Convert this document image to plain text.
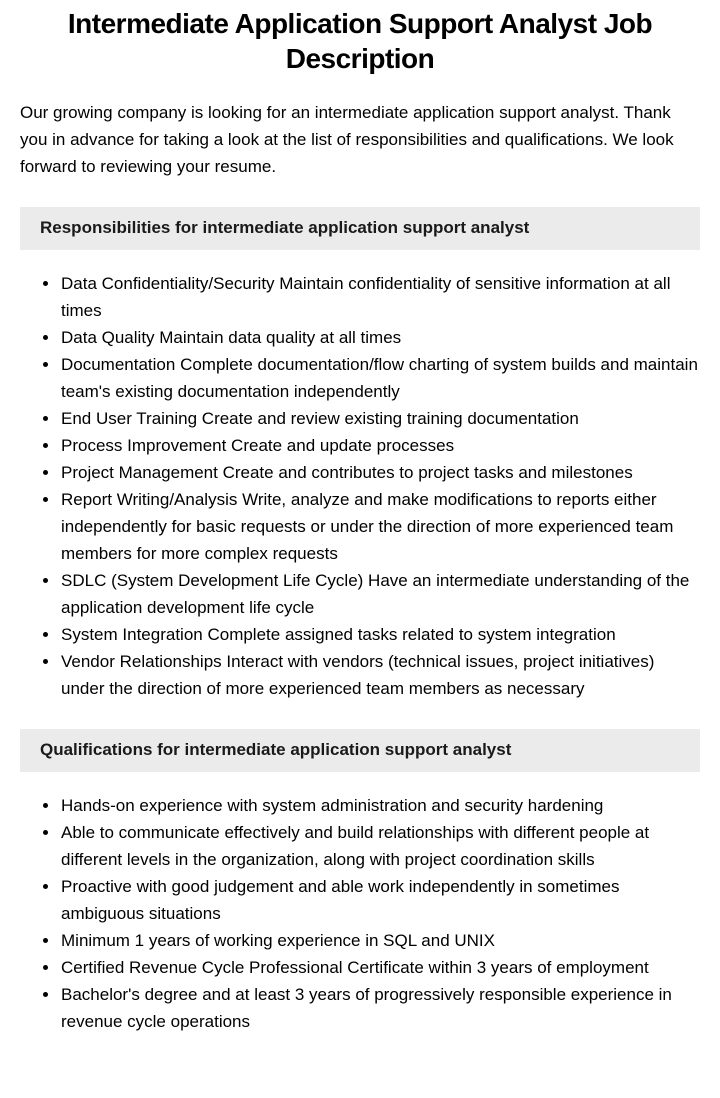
Intermediate Application Support Analyst Job
Description

Our growing company is looking for an intermediate application support analyst. Thank you in advance for taking a look at the list of responsibilities and qualifications. We look forward to reviewing your resume.

Responsibilities for intermediate application support analyst
• Data Confidentiality/Security Maintain confidentiality of sensitive information at all times
• Data Quality Maintain data quality at all times
• Documentation Complete documentation/flow charting of system builds and maintain team's existing documentation independently
• End User Training Create and review existing training documentation
• Process Improvement Create and update processes
• Project Management Create and contributes to project tasks and milestones
• Report Writing/Analysis Write, analyze and make modifications to reports either independently for basic requests or under the direction of more experienced team members for more complex requests
• SDLC (System Development Life Cycle) Have an intermediate understanding of the application development life cycle
• System Integration Complete assigned tasks related to system integration
• Vendor Relationships Interact with vendors (technical issues, project initiatives) under the direction of more experienced team members as necessary
Qualifications for intermediate application support analyst
• Hands-on experience with system administration and security hardening
• Able to communicate effectively and build relationships with different people at different levels in the organization, along with project coordination skills
• Proactive with good judgement and able work independently in sometimes ambiguous situations
• Minimum 1 years of working experience in SQL and UNIX
• Certified Revenue Cycle Professional Certificate within 3 years of employment
• Bachelor's degree and at least 3 years of progressively responsible experience in revenue cycle operations
